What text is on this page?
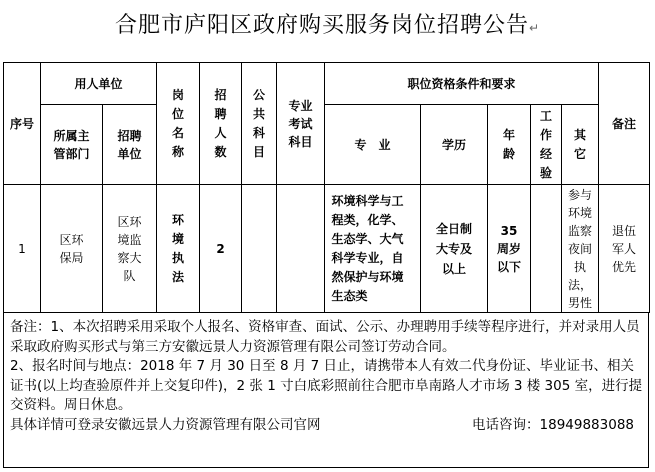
合肥市庐阳区政府购买服务岗位招聘公告↵
序号	用人单位		岗位名称	招聘人数	公共科目	专业考试科目	职位资格条件和要求					备注
	所属主管部门	招聘单位					专　业	学历	年龄	工作经验	其它	
1	区环保局	区环境监察大队	环境执法	2			环境科学与工程类，化学、生态学、大气科学专业，自然保护与环境生态类	全日制大专及以上	35周岁以下		参与环境监察夜间执法，男性	退伍军人优先

备注：1、本次招聘采用采取个人报名、资格审查、面试、公示、办理聘用手续等程序进行，并对录用人员采取政府购买形式与第三方安徽远景人力资源管理有限公司签订劳动合同。

2、报名时间与地点：2018 年 7 月 30 日至 8 月 7 日止，请携带本人有效二代身份证、毕业证书、相关证书(以上均查验原件并上交复印件)，2 张 1 寸白底彩照前往合肥市阜南路人才市场 3 楼 305 室，进行提交资料。周日休息。

具体详情可登录安徽远景人力资源管理有限公司官网	电话咨询：18949883088
